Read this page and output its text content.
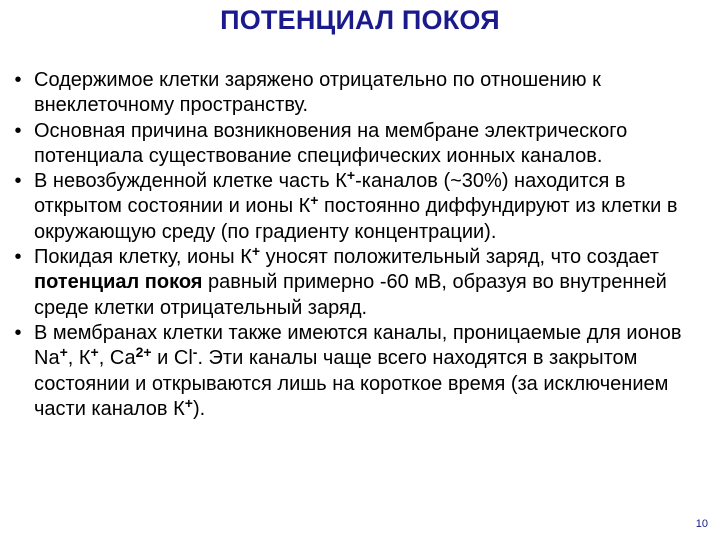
ПОТЕНЦИАЛ ПОКОЯ
• Содержимое клетки заряжено отрицательно по отношению к внеклеточному пространству.
• Основная причина возникновения на мембране электрического потенциала существование специфических ионных каналов.
• В невозбужденной клетке часть К+-каналов (~30%) находится в открытом состоянии и ионы К+ постоянно диффундируют из клетки в окружающую среду (по градиенту концентрации).
• Покидая клетку, ионы К+ уносят положительный заряд, что создает потенциал покоя равный примерно -60 мВ, образуя во внутренней среде клетки отрицательный заряд.
• В мембранах клетки также имеются каналы, проницаемые для ионов Na+, К+, $Са^{2+}$ и Cl-. Эти каналы чаще всего находятся в закрытом состоянии и открываются лишь на короткое время (за исключением части каналов К+).
10
